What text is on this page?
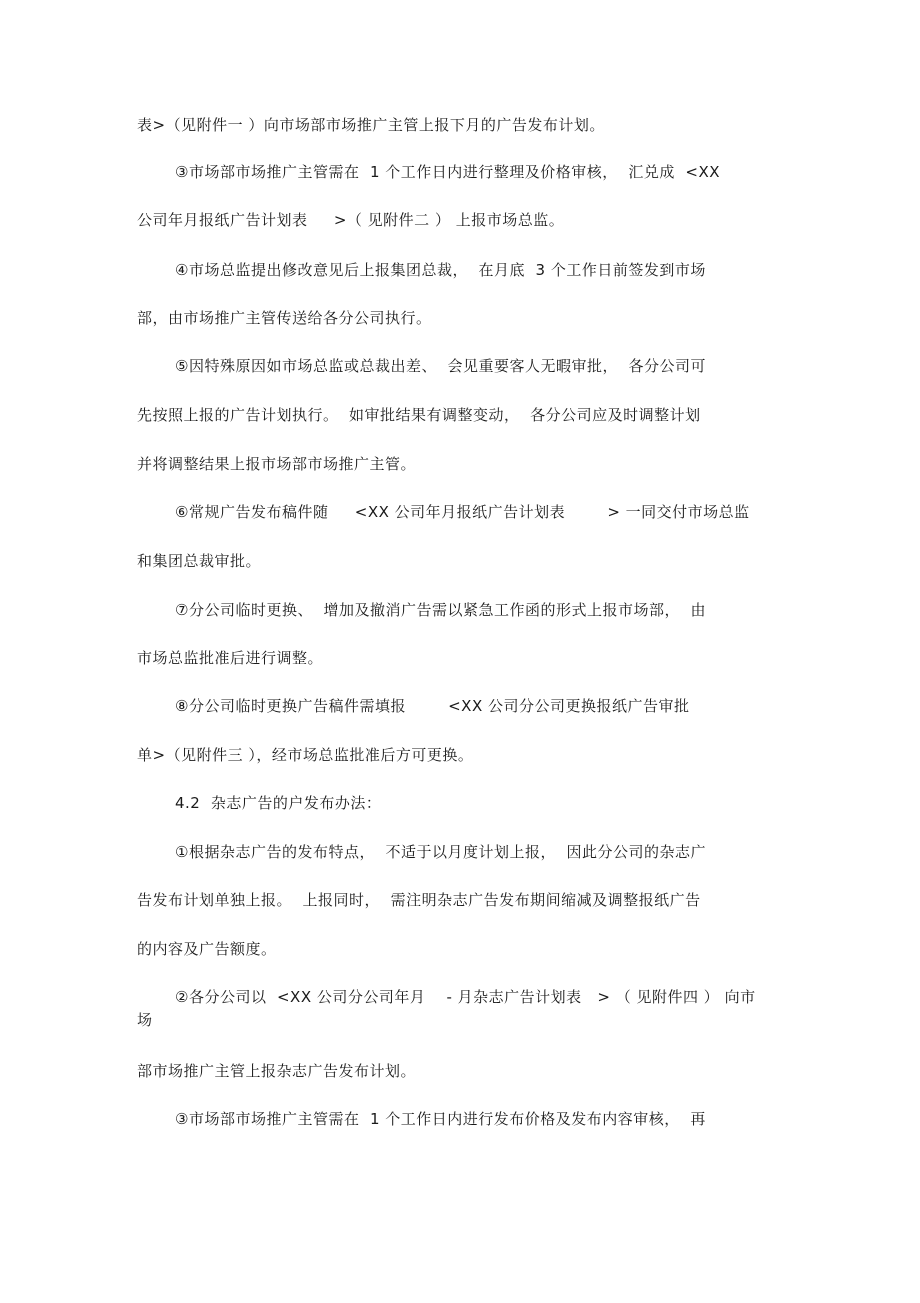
表>（见附件一 ）向市场部市场推广主管上报下月的广告发布计划。
③市场部市场推广主管需在  1 个工作日内进行整理及价格审核，  汇兑成  <XX
公司年月报纸广告计划表     >（ 见附件二 ） 上报市场总监。
④市场总监提出修改意见后上报集团总裁，  在月底  3 个工作日前签发到市场
部，由市场推广主管传送给各分公司执行。
⑤因特殊原因如市场总监或总裁出差、  会见重要客人无暇审批，  各分公司可
先按照上报的广告计划执行。  如审批结果有调整变动，  各分公司应及时调整计划
并将调整结果上报市场部市场推广主管。
⑥常规广告发布稿件随     <XX 公司年月报纸广告计划表        > 一同交付市场总监
和集团总裁审批。
⑦分公司临时更换、  增加及撤消广告需以紧急工作函的形式上报市场部，  由
市场总监批准后进行调整。
⑧分公司临时更换广告稿件需填报        <XX 公司分公司更换报纸广告审批
单>（见附件三 ），经市场总监批准后方可更换。
4.2  杂志广告的户发布办法：
①根据杂志广告的发布特点，  不适于以月度计划上报，  因此分公司的杂志广
告发布计划单独上报。  上报同时，  需注明杂志广告发布期间缩减及调整报纸广告
的内容及广告额度。
②各分公司以  <XX 公司分公司年月    - 月杂志广告计划表   > （ 见附件四 ） 向市
场
部市场推广主管上报杂志广告发布计划。
③市场部市场推广主管需在  1 个工作日内进行发布价格及发布内容审核，  再
